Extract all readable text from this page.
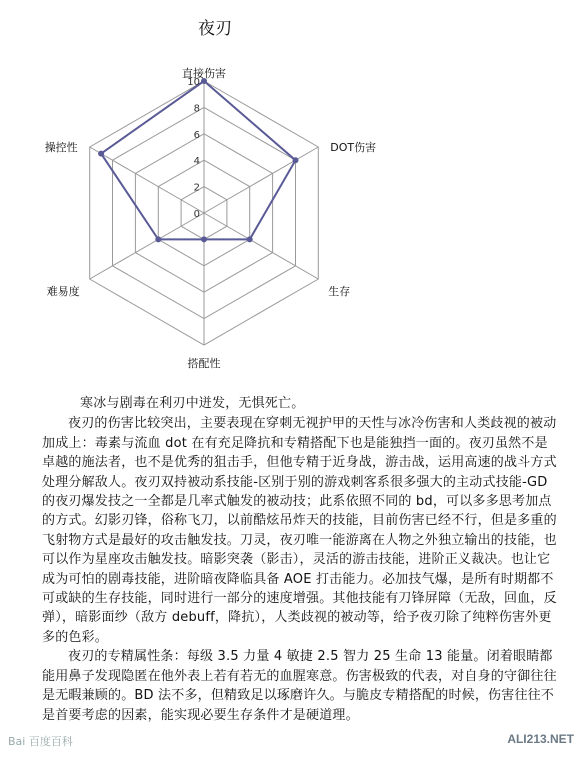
夜刃
0
2
4
6
8
10
直接伤害
DOT伤害
生存
搭配性
难易度
操控性

寒冰与剧毒在利刃中迸发，无惧死亡。

夜刃的伤害比较突出，主要表现在穿刺无视护甲的天性与冰冷伤害和人类歧视的被动加成上：毒素与流血 dot 在有充足降抗和专精搭配下也是能独挡一面的。夜刃虽然不是卓越的施法者，也不是优秀的狙击手，但他专精于近身战，游击战，运用高速的战斗方式处理分解敌人。夜刃双持被动系技能-区别于别的游戏刺客系很多强大的主动式技能-GD 的夜刃爆发技之一全都是几率式触发的被动技；此系依照不同的 bd，可以多多思考加点的方式。幻影刃锋，俗称飞刀，以前酷炫吊炸天的技能，目前伤害已经不行，但是多重的飞射物方式是最好的攻击触发技。刀灵，夜刃唯一能游离在人物之外独立输出的技能，也可以作为星座攻击触发技。暗影突袭（影击），灵活的游击技能，进阶正义裁决。也让它成为可怕的剧毒技能，进阶暗夜降临具备 AOE 打击能力。必加技气爆，是所有时期都不可或缺的生存技能，同时进行一部分的速度增强。其他技能有刀锋屏障（无敌，回血，反弹），暗影面纱（敌方 debuff，降抗），人类歧视的被动等，给予夜刃除了纯粹伤害外更多的色彩。

夜刃的专精属性条：每级 3.5 力量 4 敏捷 2.5 智力 25 生命 13 能量。闭着眼睛都能用鼻子发现隐匿在他外表上若有若无的血腥寒意。伤害极致的代表，对自身的守御往往是无暇兼顾的。BD 法不多，但精致足以琢磨许久。与脆皮专精搭配的时候，伤害往往不是首要考虑的因素，能实现必要生存条件才是硬道理。

Bai 百度百科	ALI213.NET
